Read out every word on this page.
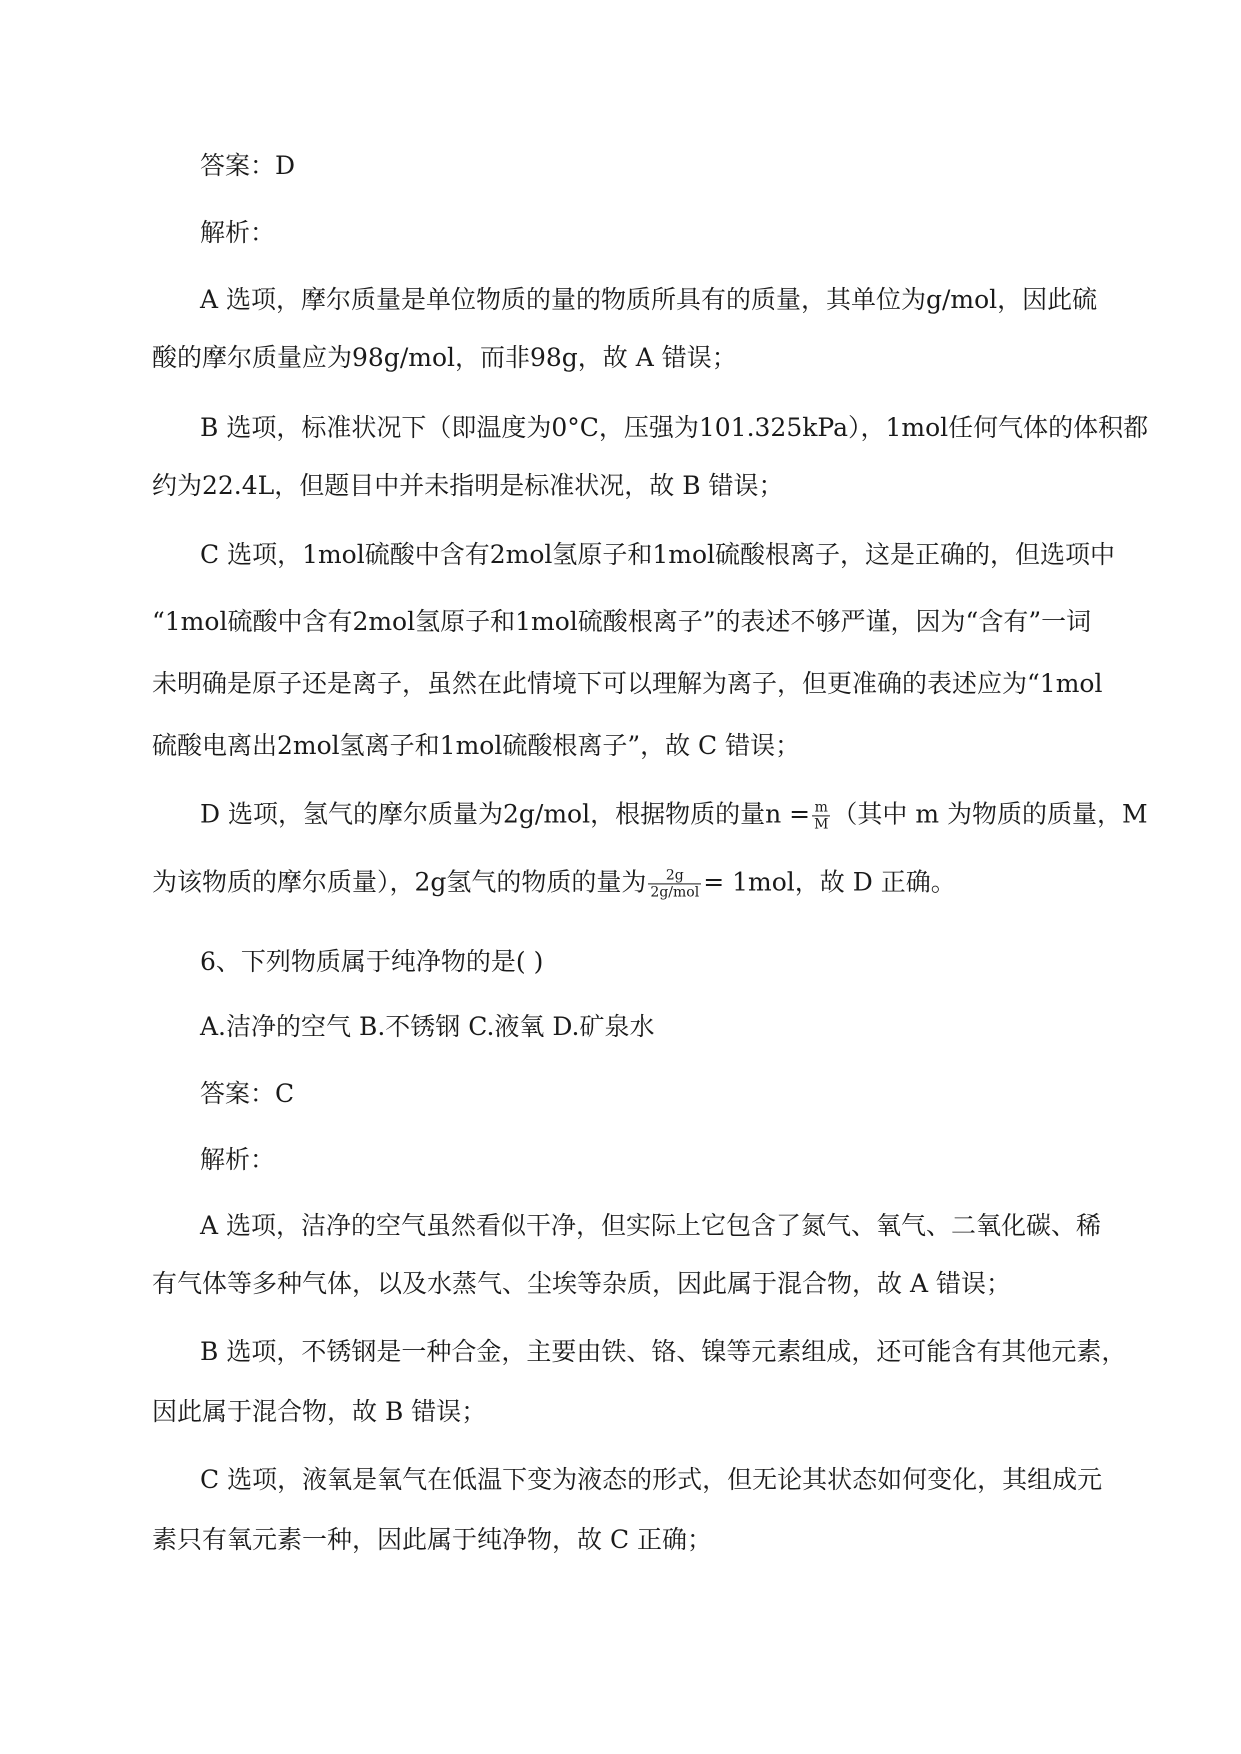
答案：D
解析：
A 选项，摩尔质量是单位物质的量的物质所具有的质量，其单位为g/mol，因此硫
酸的摩尔质量应为98g/mol，而非98g，故 A 错误；
B 选项，标准状况下（即温度为0°C，压强为101.325kPa），1mol任何气体的体积都
约为22.4L，但题目中并未指明是标准状况，故 B 错误；
C 选项，1mol硫酸中含有2mol氢原子和1mol硫酸根离子，这是正确的，但选项中
“1mol硫酸中含有2mol氢原子和1mol硫酸根离子”的表述不够严谨，因为“含有”一词
未明确是原子还是离子，虽然在此情境下可以理解为离子，但更准确的表述应为“1mol
硫酸电离出2mol氢离子和1mol硫酸根离子”，故 C 错误；
D 选项，氢气的摩尔质量为2g/mol，根据物质的量$n = \frac{m}{M}$ （其中 m 为物质的质量，M
为该物质的摩尔质量），2g氢气的物质的量为 $\frac{2g}{\text{2g/mol}} = 1mol$，故 D 正确。
6、下列物质属于纯净物的是( )
A.洁净的空气 B.不锈钢 C.液氧 D.矿泉水
答案：C
解析：
A 选项，洁净的空气虽然看似干净，但实际上它包含了氮气、氧气、二氧化碳、稀
有气体等多种气体，以及水蒸气、尘埃等杂质，因此属于混合物，故 A 错误；
B 选项，不锈钢是一种合金，主要由铁、铬、镍等元素组成，还可能含有其他元素，
因此属于混合物，故 B 错误；
C 选项，液氧是氧气在低温下变为液态的形式，但无论其状态如何变化，其组成元
素只有氧元素一种，因此属于纯净物，故 C 正确；
